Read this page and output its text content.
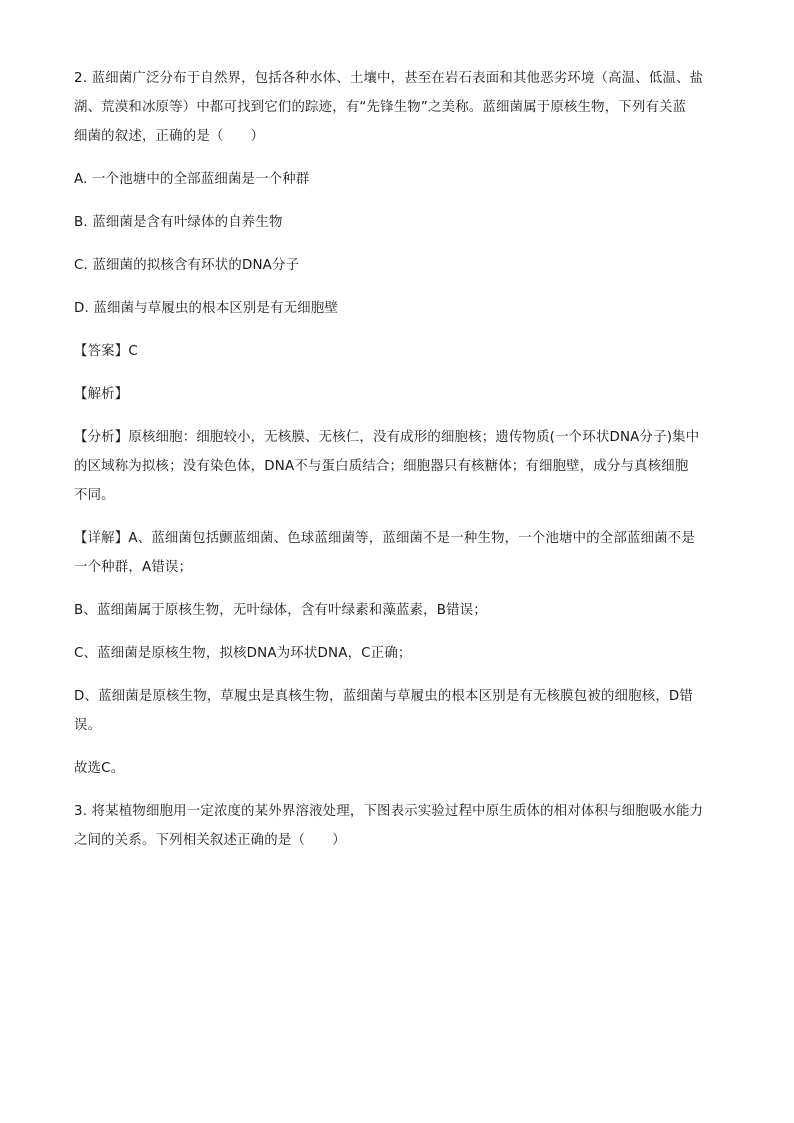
2. 蓝细菌广泛分布于自然界，包括各种水体、土壤中，甚至在岩石表面和其他恶劣环境（高温、低温、盐

湖、荒漠和冰原等）中都可找到它们的踪迹，有“先锋生物”之美称。蓝细菌属于原核生物，下列有关蓝

细菌的叙述，正确的是（　　）

A. 一个池塘中的全部蓝细菌是一个种群

B. 蓝细菌是含有叶绿体的自养生物

C. 蓝细菌的拟核含有环状的DNA分子

D. 蓝细菌与草履虫的根本区别是有无细胞壁

【答案】C

【解析】

【分析】原核细胞：细胞较小，无核膜、无核仁，没有成形的细胞核；遗传物质(一个环状DNA分子)集中

的区域称为拟核；没有染色体，DNA不与蛋白质结合；细胞器只有核糖体；有细胞壁，成分与真核细胞

不同。

【详解】A、蓝细菌包括颤蓝细菌、色球蓝细菌等，蓝细菌不是一种生物，一个池塘中的全部蓝细菌不是

一个种群，A错误；

B、蓝细菌属于原核生物，无叶绿体，含有叶绿素和藻蓝素，B错误；

C、蓝细菌是原核生物，拟核DNA为环状DNA，C正确；

D、蓝细菌是原核生物，草履虫是真核生物，蓝细菌与草履虫的根本区别是有无核膜包被的细胞核，D错

误。

故选C。

3. 将某植物细胞用一定浓度的某外界溶液处理，下图表示实验过程中原生质体的相对体积与细胞吸水能力

之间的关系。下列相关叙述正确的是（　　）
